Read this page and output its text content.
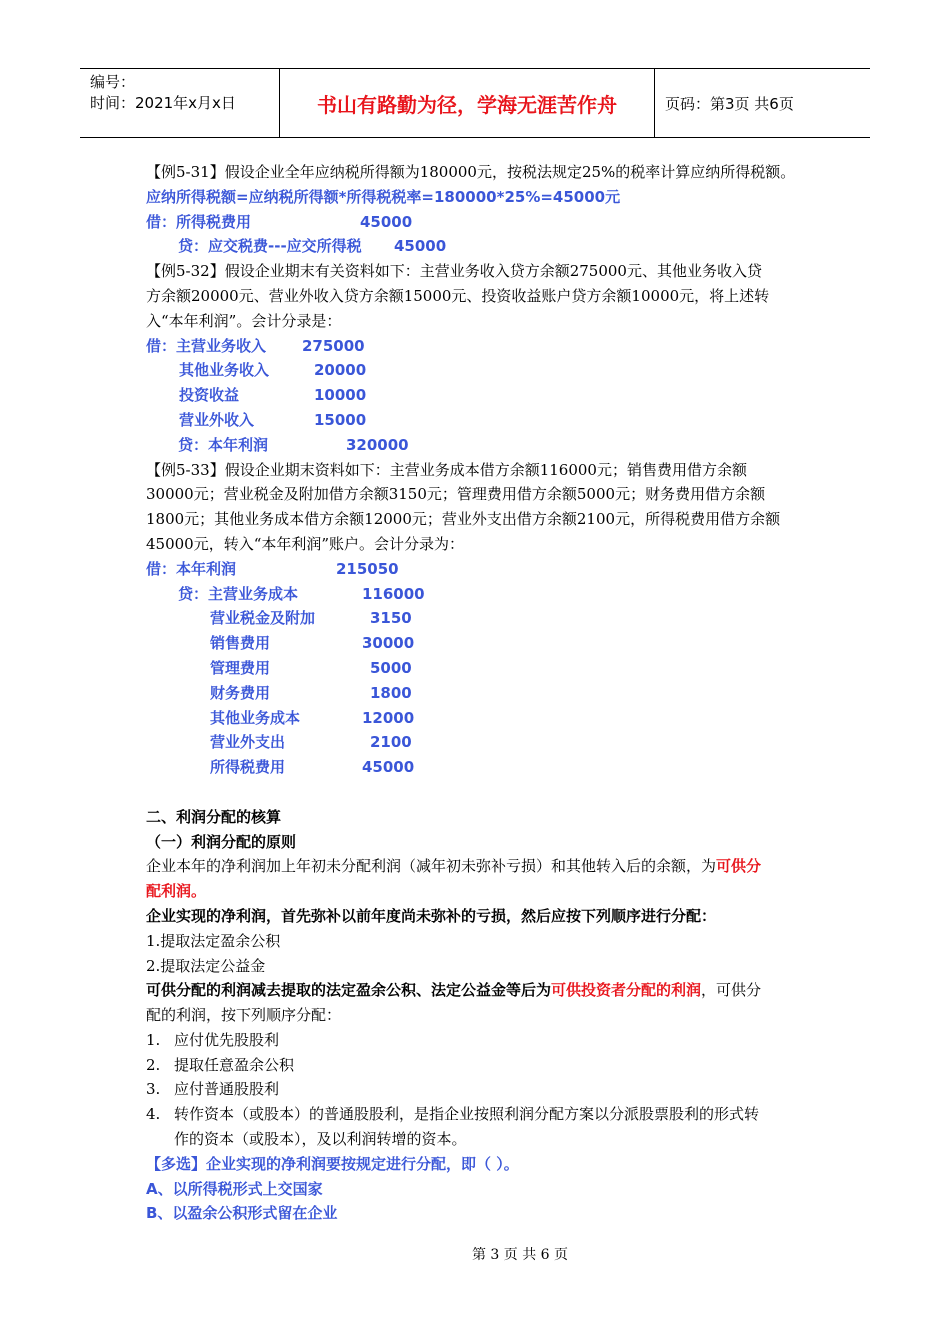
编号：
时间：2021年x月x日	书山有路勤为径，学海无涯苦作舟	页码：第3页 共6页
【例5-31】假设企业全年应纳税所得额为180000元，按税法规定25%的税率计算应纳所得税额。
应纳所得税额=应纳税所得额*所得税税率=180000*25%=45000元
借：所得税费用	45000
贷：应交税费---应交所得税 45000
【例5-32】假设企业期末有关资料如下：主营业务收入贷方余额275000元、其他业务收入贷
方余额20000元、营业外收入贷方余额15000元、投资收益账户贷方余额10000元，将上述转
入“本年利润”。会计分录是：
借：主营业务收入 275000
其他业务收入	20000
投资收益	10000
营业外收入	15000
贷：本年利润	320000
【例5-33】假设企业期末资料如下：主营业务成本借方余额116000元；销售费用借方余额
30000元；营业税金及附加借方余额3150元；管理费用借方余额5000元；财务费用借方余额
1800元；其他业务成本借方余额12000元；营业外支出借方余额2100元，所得税费用借方余额
45000元，转入“本年利润”账户。会计分录为：
借：本年利润	215050
贷：主营业务成本	116000
营业税金及附加	3150
销售费用	30000
管理费用	5000
财务费用	1800
其他业务成本	12000
营业外支出	2100
所得税费用	45000
二、利润分配的核算
（一）利润分配的原则
企业本年的净利润加上年初未分配利润（减年初未弥补亏损）和其他转入后的余额，为可供分
配利润。
企业实现的净利润，首先弥补以前年度尚未弥补的亏损，然后应按下列顺序进行分配：
1.提取法定盈余公积
2.提取法定公益金
可供分配的利润减去提取的法定盈余公积、法定公益金等后为可供投资者分配的利润，可供分
配的利润，按下列顺序分配：
1. 应付优先股股利
2. 提取任意盈余公积
3. 应付普通股股利
4. 转作资本（或股本）的普通股股利，是指企业按照利润分配方案以分派股票股利的形式转
作的资本（或股本），及以利润转增的资本。
【多选】企业实现的净利润要按规定进行分配，即（ ）。
A、以所得税形式上交国家
B、以盈余公积形式留在企业
第 3 页 共 6 页
